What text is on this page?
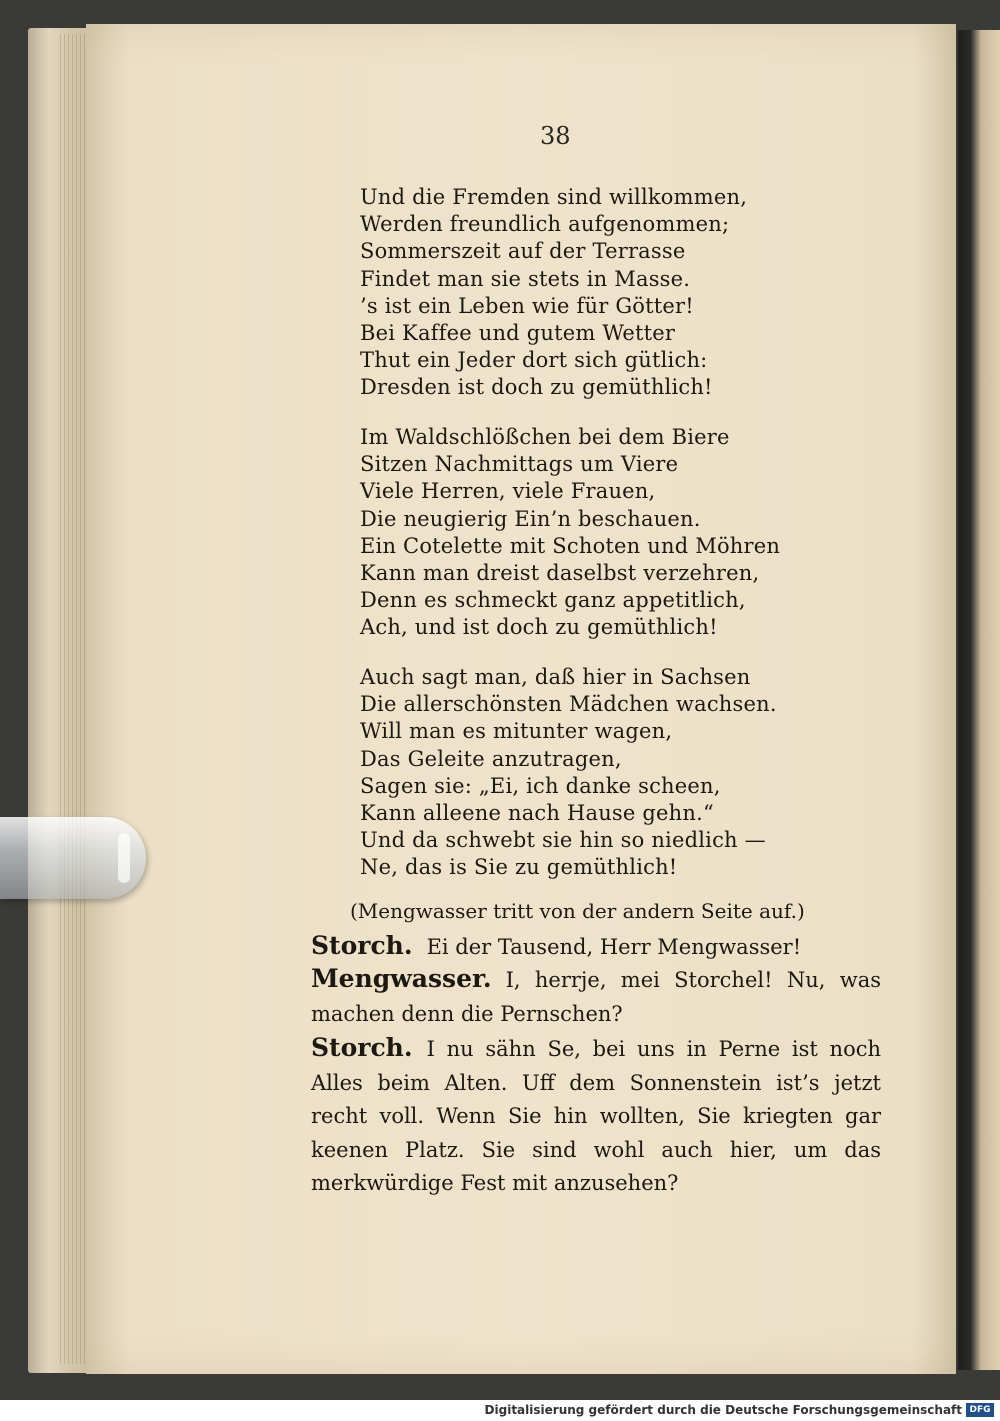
38
Und die Fremden sind willkommen,
Werden freundlich aufgenommen;
Sommerszeit auf der Terrasse
Findet man sie stets in Masse.
’s ist ein Leben wie für Götter!
Bei Kaffee und gutem Wetter
Thut ein Jeder dort sich gütlich:
Dresden ist doch zu gemüthlich!
Im Waldschlößchen bei dem Biere
Sitzen Nachmittags um Viere
Viele Herren, viele Frauen,
Die neugierig Ein’n beschauen.
Ein Cotelette mit Schoten und Möhren
Kann man dreist daselbst verzehren,
Denn es schmeckt ganz appetitlich,
Ach, und ist doch zu gemüthlich!
Auch sagt man, daß hier in Sachsen
Die allerschönsten Mädchen wachsen.
Will man es mitunter wagen,
Das Geleite anzutragen,
Sagen sie: „Ei, ich danke scheen,
Kann alleene nach Hause gehn.“
Und da schwebt sie hin so niedlich —
Ne, das is Sie zu gemüthlich!
(Mengwasser tritt von der andern Seite auf.)
Storch. Ei der Tausend, Herr Mengwasser!
Mengwasser. I, herrje, mei Storchel! Nu, was machen denn die Pernschen?
Storch. I nu sähn Se, bei uns in Perne ist noch Alles beim Alten. Uff dem Sonnenstein ist’s jetzt recht voll. Wenn Sie hin wollten, Sie kriegten gar keenen Platz. Sie sind wohl auch hier, um das merkwürdige Fest mit anzusehen?
Digitalisierung gefördert durch die Deutsche Forschungsgemeinschaft DFG
